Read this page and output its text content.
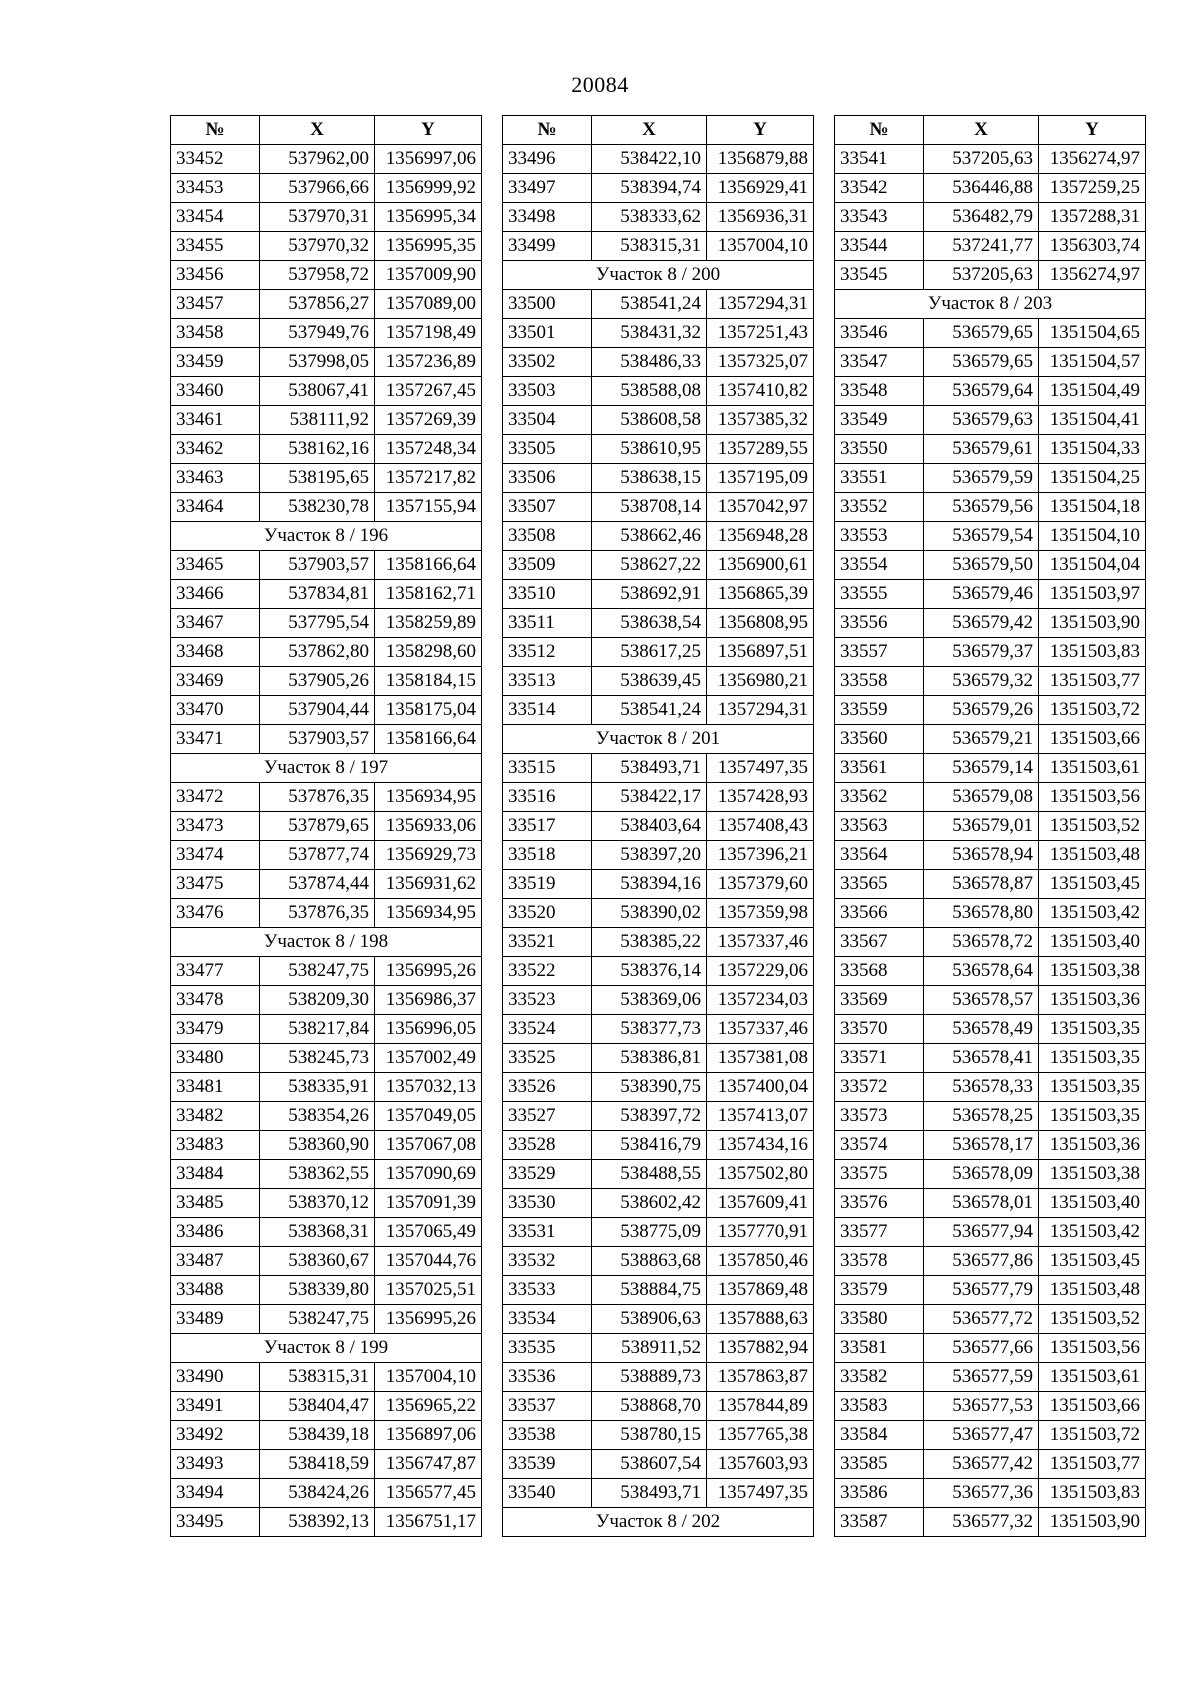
20084
№	X	Y
33452	537962,00	1356997,06
33453	537966,66	1356999,92
33454	537970,31	1356995,34
33455	537970,32	1356995,35
33456	537958,72	1357009,90
33457	537856,27	1357089,00
33458	537949,76	1357198,49
33459	537998,05	1357236,89
33460	538067,41	1357267,45
33461	538111,92	1357269,39
33462	538162,16	1357248,34
33463	538195,65	1357217,82
33464	538230,78	1357155,94
Участок 8 / 196		
33465	537903,57	1358166,64
33466	537834,81	1358162,71
33467	537795,54	1358259,89
33468	537862,80	1358298,60
33469	537905,26	1358184,15
33470	537904,44	1358175,04
33471	537903,57	1358166,64
Участок 8 / 197		
33472	537876,35	1356934,95
33473	537879,65	1356933,06
33474	537877,74	1356929,73
33475	537874,44	1356931,62
33476	537876,35	1356934,95
Участок 8 / 198		
33477	538247,75	1356995,26
33478	538209,30	1356986,37
33479	538217,84	1356996,05
33480	538245,73	1357002,49
33481	538335,91	1357032,13
33482	538354,26	1357049,05
33483	538360,90	1357067,08
33484	538362,55	1357090,69
33485	538370,12	1357091,39
33486	538368,31	1357065,49
33487	538360,67	1357044,76
33488	538339,80	1357025,51
33489	538247,75	1356995,26
Участок 8 / 199		
33490	538315,31	1357004,10
33491	538404,47	1356965,22
33492	538439,18	1356897,06
33493	538418,59	1356747,87
33494	538424,26	1356577,45
33495	538392,13	1356751,17
№	X	Y
33496	538422,10	1356879,88
33497	538394,74	1356929,41
33498	538333,62	1356936,31
33499	538315,31	1357004,10
Участок 8 / 200		
33500	538541,24	1357294,31
33501	538431,32	1357251,43
33502	538486,33	1357325,07
33503	538588,08	1357410,82
33504	538608,58	1357385,32
33505	538610,95	1357289,55
33506	538638,15	1357195,09
33507	538708,14	1357042,97
33508	538662,46	1356948,28
33509	538627,22	1356900,61
33510	538692,91	1356865,39
33511	538638,54	1356808,95
33512	538617,25	1356897,51
33513	538639,45	1356980,21
33514	538541,24	1357294,31
Участок 8 / 201		
33515	538493,71	1357497,35
33516	538422,17	1357428,93
33517	538403,64	1357408,43
33518	538397,20	1357396,21
33519	538394,16	1357379,60
33520	538390,02	1357359,98
33521	538385,22	1357337,46
33522	538376,14	1357229,06
33523	538369,06	1357234,03
33524	538377,73	1357337,46
33525	538386,81	1357381,08
33526	538390,75	1357400,04
33527	538397,72	1357413,07
33528	538416,79	1357434,16
33529	538488,55	1357502,80
33530	538602,42	1357609,41
33531	538775,09	1357770,91
33532	538863,68	1357850,46
33533	538884,75	1357869,48
33534	538906,63	1357888,63
33535	538911,52	1357882,94
33536	538889,73	1357863,87
33537	538868,70	1357844,89
33538	538780,15	1357765,38
33539	538607,54	1357603,93
33540	538493,71	1357497,35
Участок 8 / 202		
№	X	Y
33541	537205,63	1356274,97
33542	536446,88	1357259,25
33543	536482,79	1357288,31
33544	537241,77	1356303,74
33545	537205,63	1356274,97
Участок 8 / 203		
33546	536579,65	1351504,65
33547	536579,65	1351504,57
33548	536579,64	1351504,49
33549	536579,63	1351504,41
33550	536579,61	1351504,33
33551	536579,59	1351504,25
33552	536579,56	1351504,18
33553	536579,54	1351504,10
33554	536579,50	1351504,04
33555	536579,46	1351503,97
33556	536579,42	1351503,90
33557	536579,37	1351503,83
33558	536579,32	1351503,77
33559	536579,26	1351503,72
33560	536579,21	1351503,66
33561	536579,14	1351503,61
33562	536579,08	1351503,56
33563	536579,01	1351503,52
33564	536578,94	1351503,48
33565	536578,87	1351503,45
33566	536578,80	1351503,42
33567	536578,72	1351503,40
33568	536578,64	1351503,38
33569	536578,57	1351503,36
33570	536578,49	1351503,35
33571	536578,41	1351503,35
33572	536578,33	1351503,35
33573	536578,25	1351503,35
33574	536578,17	1351503,36
33575	536578,09	1351503,38
33576	536578,01	1351503,40
33577	536577,94	1351503,42
33578	536577,86	1351503,45
33579	536577,79	1351503,48
33580	536577,72	1351503,52
33581	536577,66	1351503,56
33582	536577,59	1351503,61
33583	536577,53	1351503,66
33584	536577,47	1351503,72
33585	536577,42	1351503,77
33586	536577,36	1351503,83
33587	536577,32	1351503,90
